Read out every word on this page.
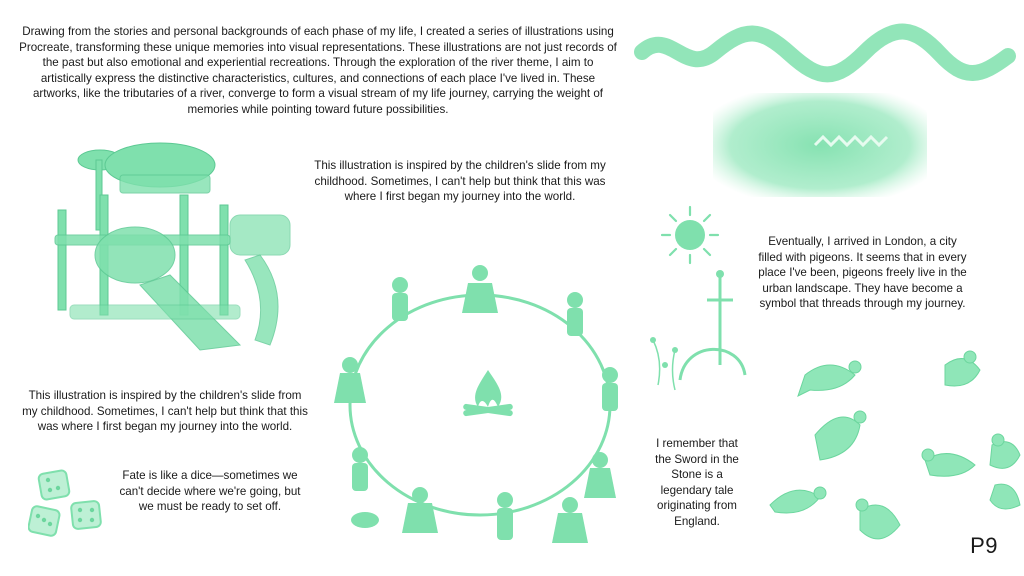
Drawing from the stories and personal backgrounds of each phase of my life, I created a series of illustrations using Procreate, transforming these unique memories into visual representations. These illustrations are not just records of the past but also emotional and experiential recreations. Through the exploration of the river theme, I aim to artistically express the distinctive characteristics, cultures, and connections of each place I've lived in. These artworks, like the tributaries of a river, converge to form a visual stream of my life journey, carrying the weight of memories while pointing toward future possibilities.
This illustration is inspired by the children's slide from my childhood. Sometimes, I can't help but think that this was where I first began my journey into the world.
This illustration is inspired by the children's slide from my childhood. Sometimes, I can't help but think that this was where I first began my journey into the world.
Fate is like a dice—sometimes we can't decide where we're going, but we must be ready to set off.
I remember that the Sword in the Stone is a legendary tale originating from England.
Eventually, I arrived in London, a city filled with pigeons. It seems that in every place I've been, pigeons freely live in the urban landscape. They have become a symbol that threads through my journey.
P9
